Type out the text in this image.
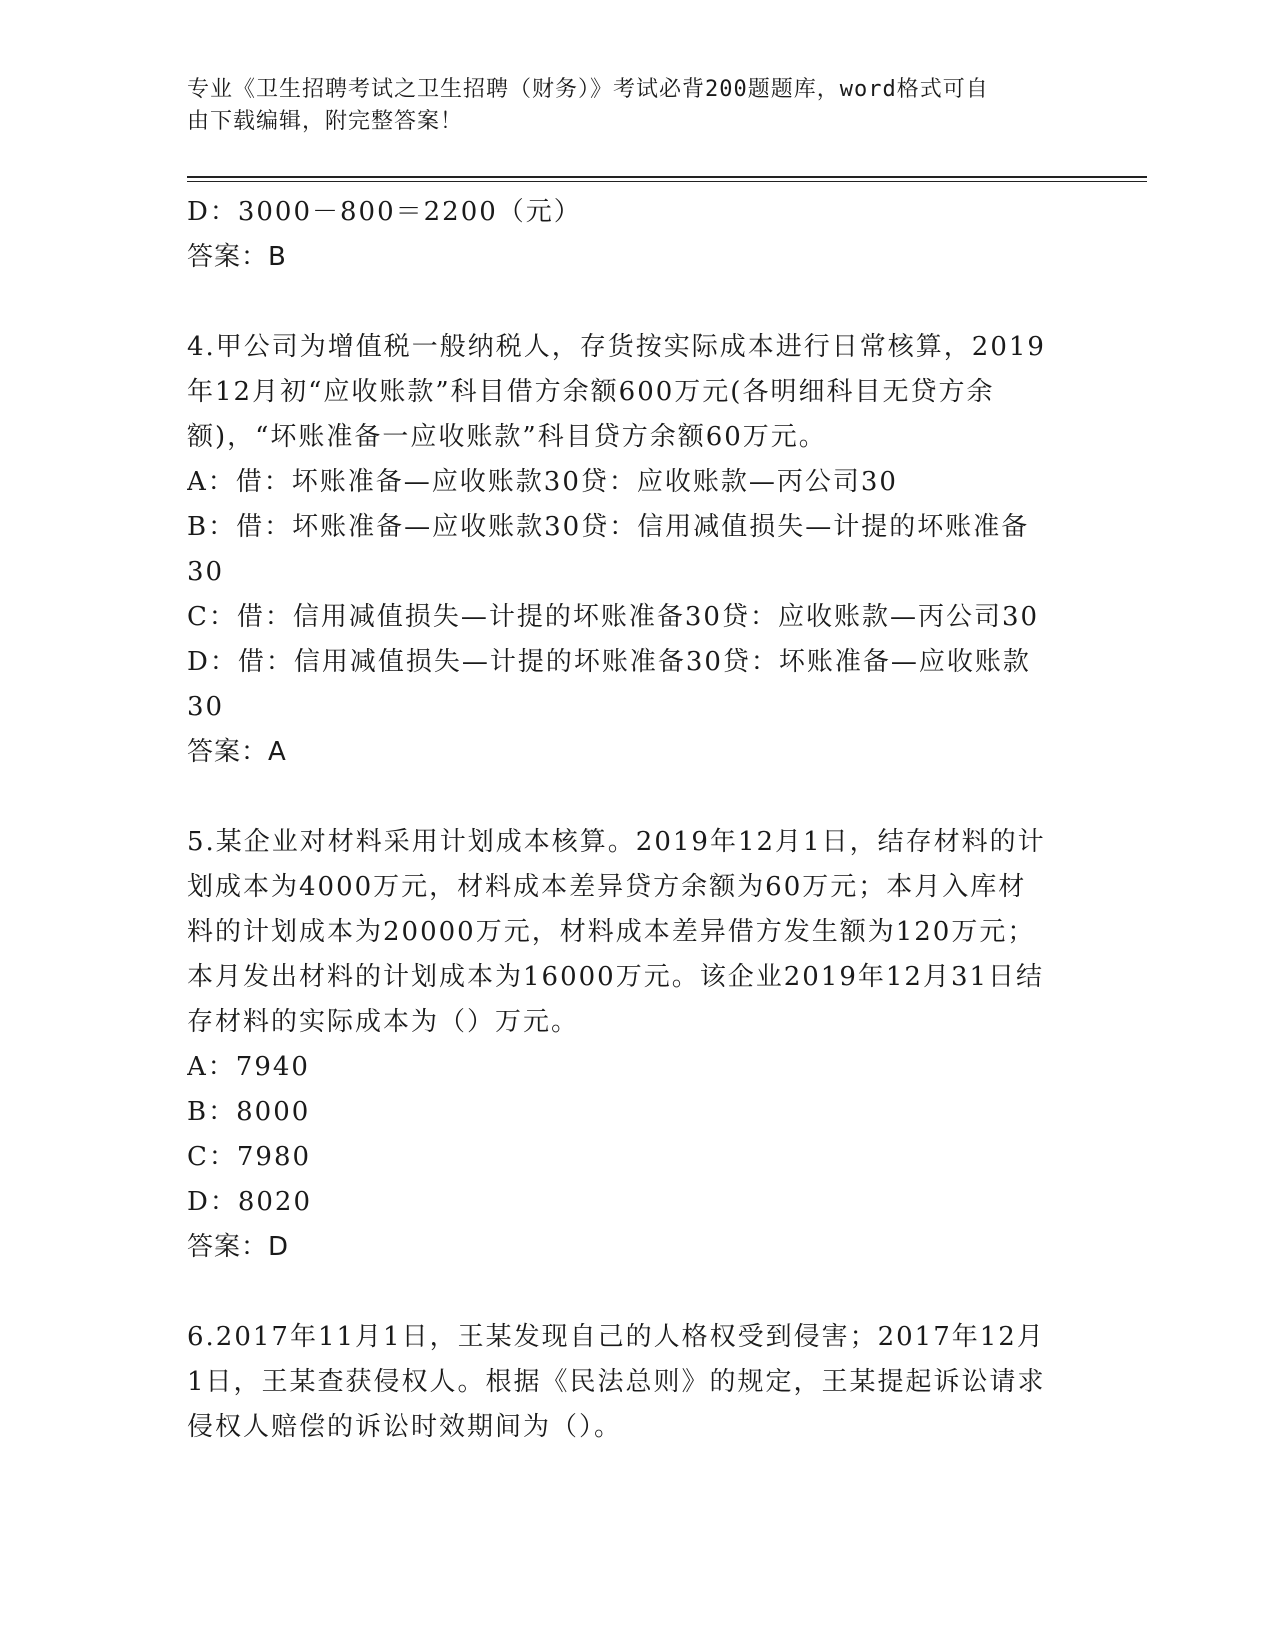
专业《卫生招聘考试之卫生招聘（财务）》考试必背200题题库，word格式可自
由下载编辑，附完整答案！
D：3000－800＝2200（元）
答案：B
4.甲公司为增值税一般纳税人，存货按实际成本进行日常核算，2019
年12月初“应收账款”科目借方余额600万元(各明细科目无贷方余
额)，“坏账准备一应收账款”科目贷方余额60万元。
A：借：坏账准备—应收账款30贷：应收账款—丙公司30
B：借：坏账准备—应收账款30贷：信用减值损失—计提的坏账准备
30
C：借：信用减值损失—计提的坏账准备30贷：应收账款—丙公司30
D：借：信用减值损失—计提的坏账准备30贷：坏账准备—应收账款
30
答案：A
5.某企业对材料采用计划成本核算。2019年12月1日，结存材料的计
划成本为4000万元，材料成本差异贷方余额为60万元；本月入库材
料的计划成本为20000万元，材料成本差异借方发生额为120万元；
本月发出材料的计划成本为16000万元。该企业2019年12月31日结
存材料的实际成本为（）万元。
A：7940
B：8000
C：7980
D：8020
答案：D
6.2017年11月1日，王某发现自己的人格权受到侵害；2017年12月
1日，王某查获侵权人。根据《民法总则》的规定，王某提起诉讼请求
侵权人赔偿的诉讼时效期间为（）。
